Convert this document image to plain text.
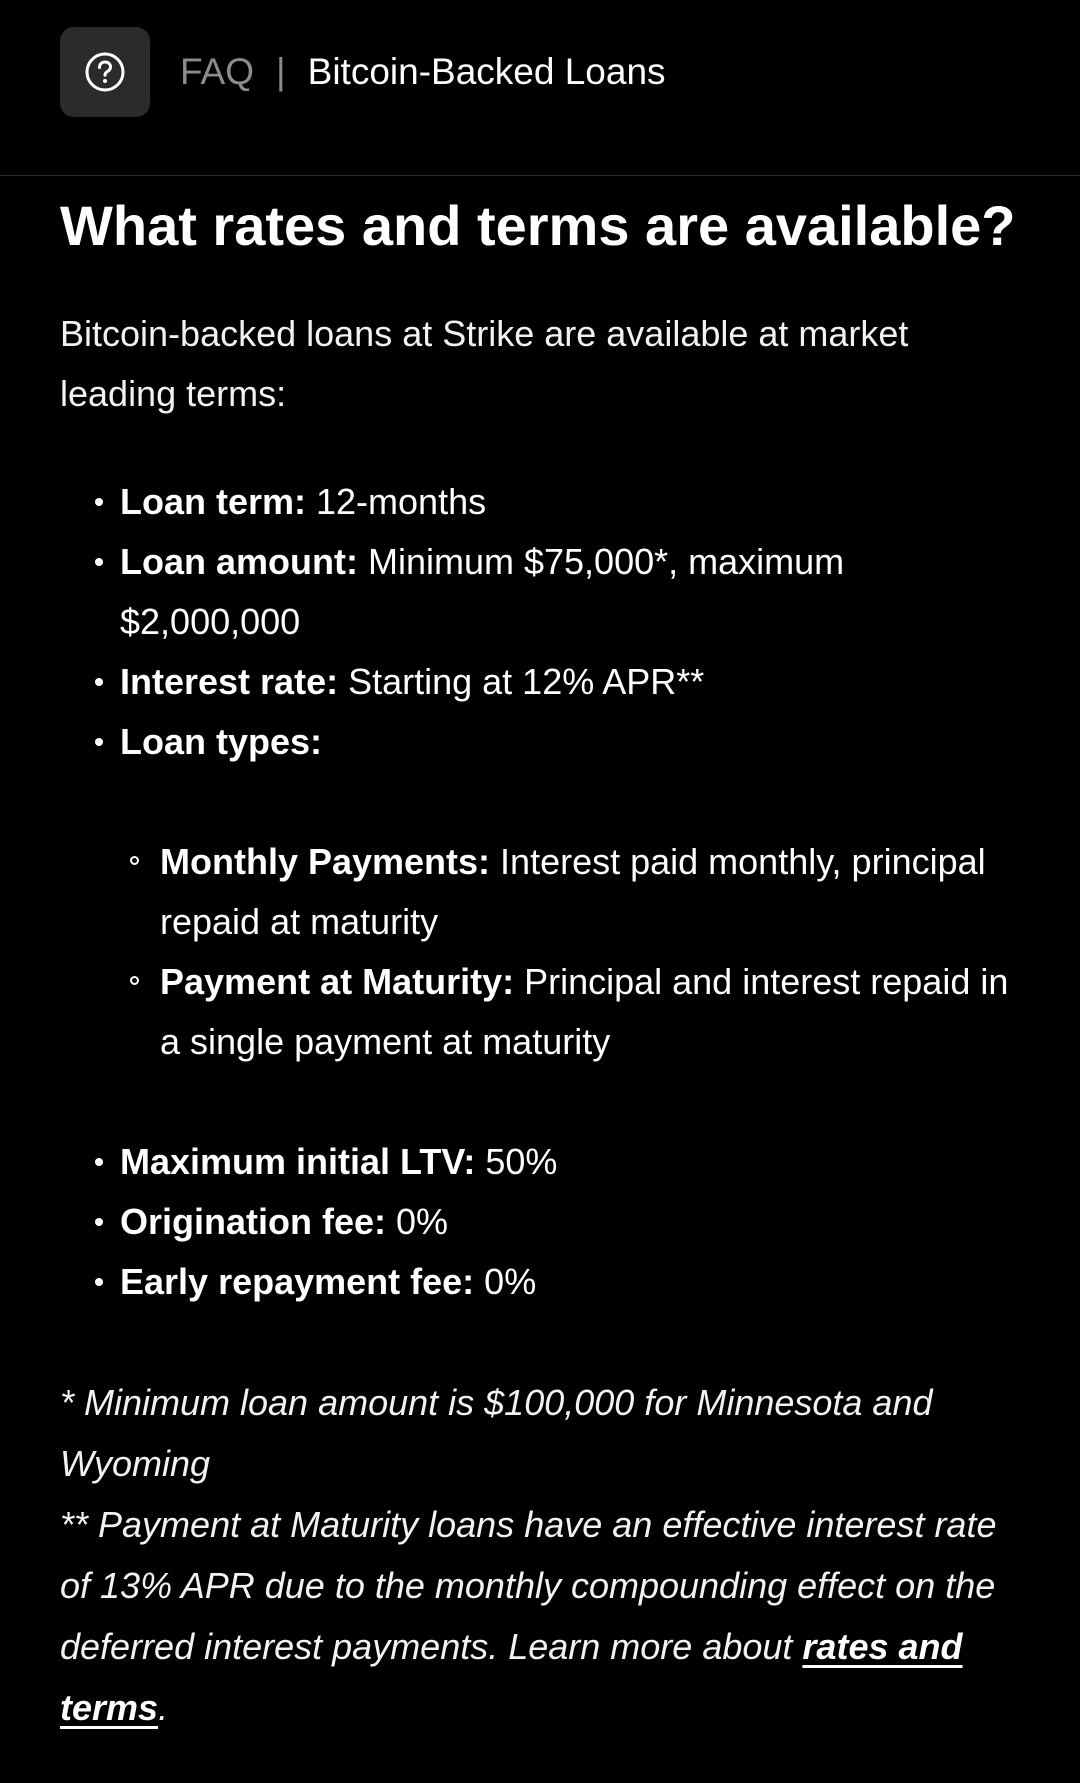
FAQ | Bitcoin-Backed Loans
What rates and terms are available?

Bitcoin-backed loans at Strike are available at market leading terms:

Loan term: 12-months
Loan amount: Minimum $75,000*, maximum $2,000,000
Interest rate: Starting at 12% APR**
Loan types:
Monthly Payments: Interest paid monthly, principal repaid at maturity
Payment at Maturity: Principal and interest repaid in a single payment at maturity
Maximum initial LTV: 50%
Origination fee: 0%
Early repayment fee: 0%

* Minimum loan amount is $100,000 for Minnesota and Wyoming

** Payment at Maturity loans have an effective interest rate of 13% APR due to the monthly compounding effect on the deferred interest payments. Learn more about rates and terms.
